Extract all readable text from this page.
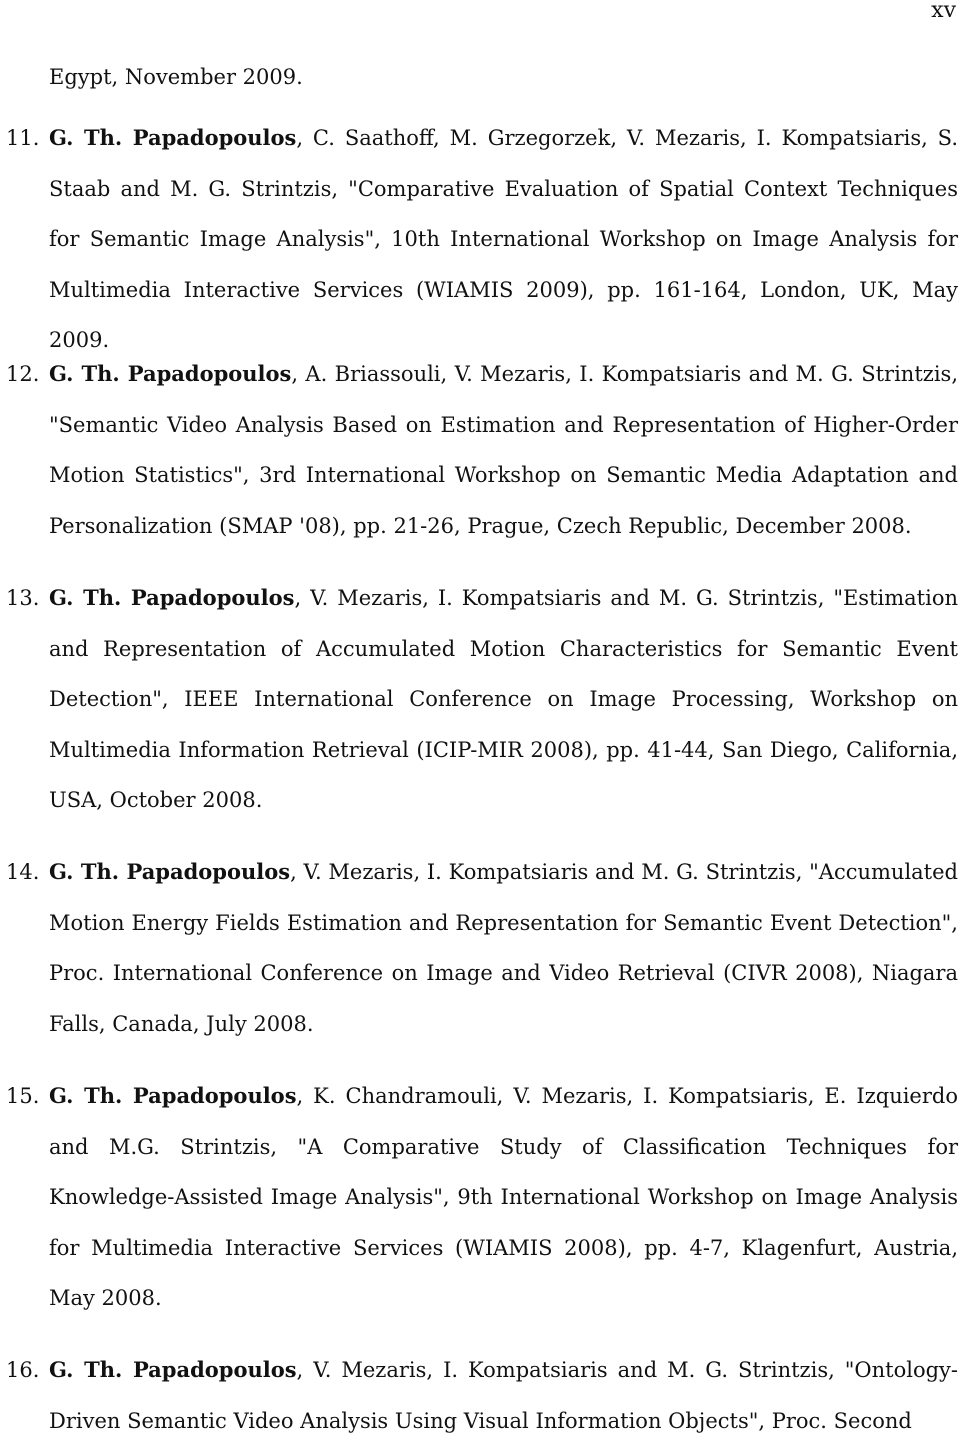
xv

Egypt, November 2009.

11. G. Th. Papadopoulos, C. Saathoff, M. Grzegorzek, V. Mezaris, I. Kompatsiaris, S. Staab and M. G. Strintzis, "Comparative Evaluation of Spatial Context Techniques for Semantic Image Analysis", 10th International Workshop on Image Analysis for Multimedia Interactive Services (WIAMIS 2009), pp. 161-164, London, UK, May 2009.
12. G. Th. Papadopoulos, A. Briassouli, V. Mezaris, I. Kompatsiaris and M. G. Strintzis, "Semantic Video Analysis Based on Estimation and Representation of Higher-Order Motion Statistics", 3rd International Workshop on Semantic Media Adaptation and Personalization (SMAP '08), pp. 21-26, Prague, Czech Republic, December 2008.
13. G. Th. Papadopoulos, V. Mezaris, I. Kompatsiaris and M. G. Strintzis, "Estimation and Representation of Accumulated Motion Characteristics for Semantic Event Detection", IEEE International Conference on Image Processing, Workshop on Multimedia Information Retrieval (ICIP-MIR 2008), pp. 41-44, San Diego, California, USA, October 2008.
14. G. Th. Papadopoulos, V. Mezaris, I. Kompatsiaris and M. G. Strintzis, "Accumulated Motion Energy Fields Estimation and Representation for Semantic Event Detection", Proc. International Conference on Image and Video Retrieval (CIVR 2008), Niagara Falls, Canada, July 2008.
15. G. Th. Papadopoulos, K. Chandramouli, V. Mezaris, I. Kompatsiaris, E. Izquierdo and M.G. Strintzis, "A Comparative Study of Classification Techniques for Knowledge-Assisted Image Analysis", 9th International Workshop on Image Analysis for Multimedia Interactive Services (WIAMIS 2008), pp. 4-7, Klagenfurt, Austria, May 2008.
16. G. Th. Papadopoulos, V. Mezaris, I. Kompatsiaris and M. G. Strintzis, "Ontology-Driven Semantic Video Analysis Using Visual Information Objects", Proc. Second
